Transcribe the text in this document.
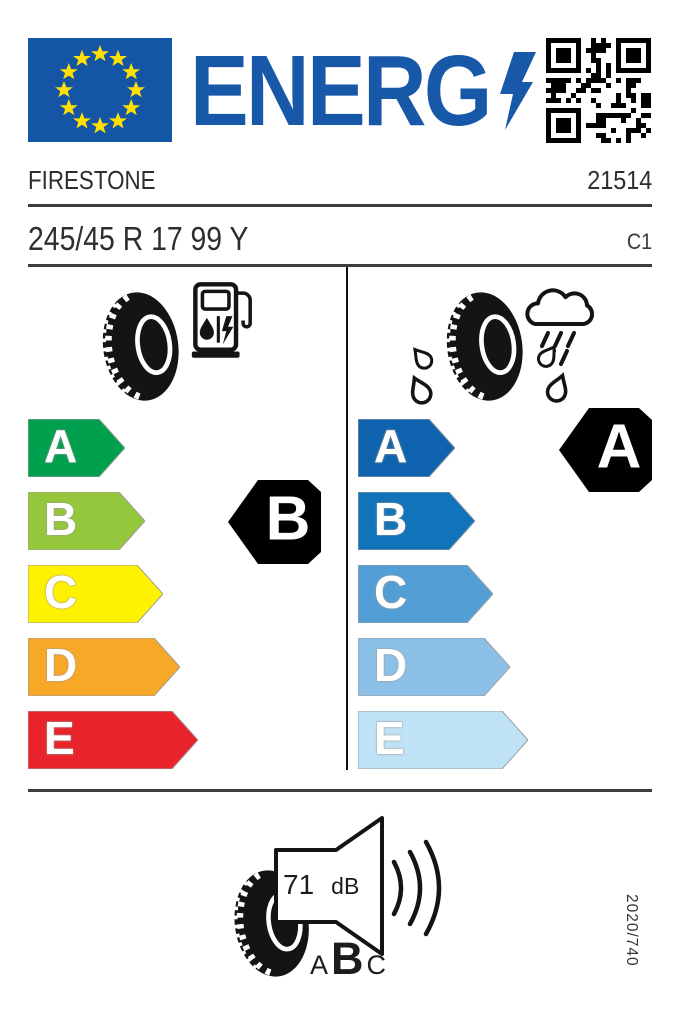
ENERG
FIRESTONE	21514
245/45 R 17 99 Y	C1
A
B
C
D
E
A
B
C
D
E
B
A
71 dB
A B C	2020/740
